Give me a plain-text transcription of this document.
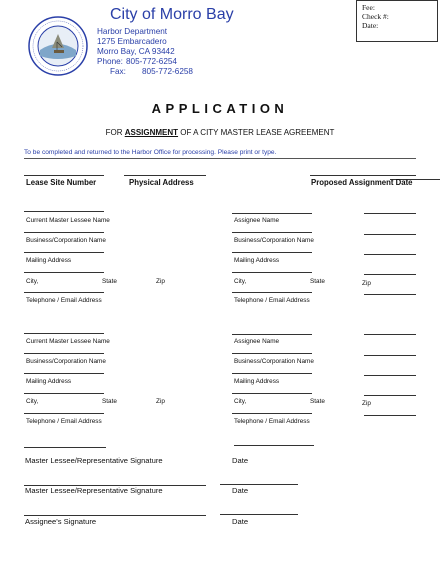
City of Morro Bay
Harbor Department
1275 Embarcadero
Morro Bay, CA 93442
Phone: 805-772-6254
Fax: 805-772-6258
Fee:
Check #:
Date:
APPLICATION
FOR ASSIGNMENT OF A CITY MASTER LEASE AGREEMENT
To be completed and returned to the Harbor Office for processing. Please print or type.
Lease Site Number	Physical Address	Proposed Assignment Date
Current Master Lessee Name
Business/Corporation Name
Mailing Address
City,	State	Zip
Telephone / Email Address
Assignee Name
Business/Corporation Name
Mailing Address
City,	State	Zip
Telephone / Email Address
Current Master Lessee Name
Business/Corporation Name
Mailing Address
City,	State	Zip
Telephone / Email Address
Assignee Name
Business/Corporation Name
Mailing Address
City,	State	Zip
Telephone / Email Address
Master Lessee/Representative Signature	Date
Master Lessee/Representative Signature	Date
Assignee's Signature	Date
